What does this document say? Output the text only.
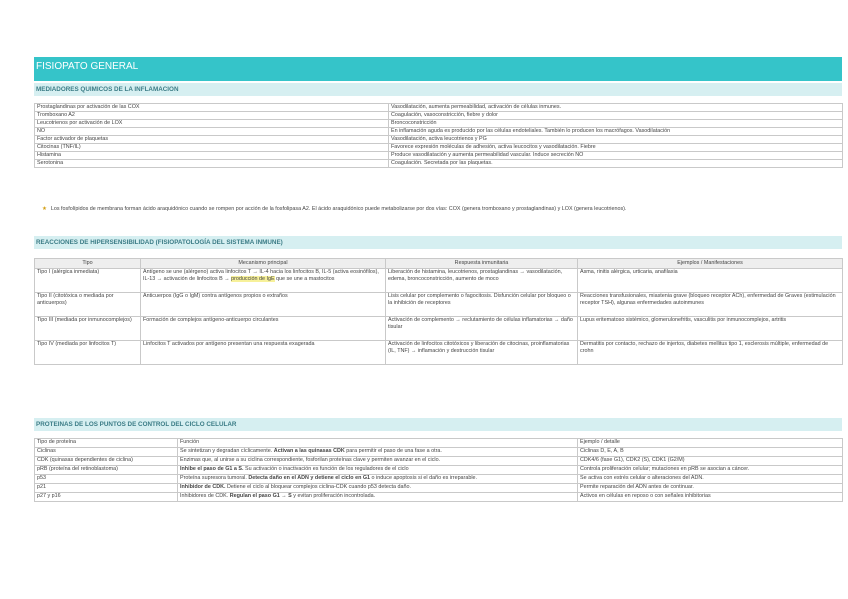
FISIOPATO GENERAL
MEDIADORES QUIMICOS DE LA INFLAMACION
Prostaglandinas por activación de las COX	Vasodilatación, aumenta permeabilidad, activación de células inmunes.
Tromboxano A2	Coagulación, vasoconstricción, fiebre y dolor
Leucotrienos por activación de LOX	Broncoconstricción
NO	En inflamación aguda es producido por las células endoteliales. También lo producen los macrófagos. Vasodilatación
Factor activador de plaquetas	Vasodilatación, activa leucotrienos y PG
Citocinas (TNF/IL)	Favorece expresión moléculas de adhesión, activa leucocitos y vasodilatación. Fiebre
Histamina	Produce vasodilatación y aumenta permeabilidad vascular. Induce secreción NO
Serotonina	Coagulación. Secretada por las plaquetas.
★ Los fosfolípidos de membrana forman ácido araquidónico cuando se rompen por acción de la fosfolipasa A2. El ácido araquidónico puede metabolizarse por dos vías: COX (genera tromboxano y prostaglandinas) y LOX (genera leucotrienos).
REACCIONES DE HIPERSENSIBILIDAD (FISIOPATOLOGÍA DEL SISTEMA INMUNE)
Tipo	Mecanismo principal	Respuesta inmunitaria	Ejemplos / Manifestaciones
Tipo I (alérgica inmediata)	Antígeno se une (alérgeno) activa linfocitos T → IL-4 hacia los linfocitos B, IL-5 (activa eosinófilos), IL-13 → activación de linfocitos B → producción de IgE que se une a mastocitos	Liberación de histamina, leucotrienos, prostaglandinas → vasodilatación, edema, broncoconstricción, aumento de moco	Asma, rinitis alérgica, urticaria, anafilaxia
Tipo II (citotóxica o mediada por anticuerpos)	Anticuerpos (IgG o IgM) contra antígenos propios o extraños	Lisis celular por complemento o fagocitosis. Disfunción celular por bloqueo o la inhibición de receptores	Reacciones transfusionales, miastenia grave (bloqueo receptor ACh), enfermedad de Graves (estimulación receptor TSH), algunas enfermedades autoinmunes
Tipo III (mediada por inmunocomplejos)	Formación de complejos antígeno-anticuerpo circulantes	Activación de complemento → reclutamiento de células inflamatorias → daño tisular	Lupus eritematoso sistémico, glomerulonefritis, vasculitis por inmunocomplejos, artritis
Tipo IV (mediada por linfocitos T)	Linfocitos T activados por antígeno presentan una respuesta exagerada	Activación de linfocitos citotóxicos y liberación de citocinas, proinflamatorias (IL, TNF) → inflamación y destrucción tisular	Dermatitis por contacto, rechazo de injertos, diabetes mellitus tipo 1, esclerosis múltiple, enfermedad de crohn
PROTEINAS DE LOS PUNTOS DE CONTROL DEL CICLO CELULAR
Tipo de proteína	Función	Ejemplo / detalle
Ciclinas	Se sintetizan y degradan cíclicamente. Activan a las quinasas CDK para permitir el paso de una fase a otra.	Ciclinas D, E, A, B
CDK (quinasas dependientes de ciclina)	Enzimas que, al unirse a su ciclina correspondiente, fosforilan proteínas clave y permiten avanzar en el ciclo.	CDK4/6 (fase G1), CDK2 (S), CDK1 (G2/M)
pRB (proteína del retinoblastoma)	Inhibe el paso de G1 a S. Su activación o inactivación es función de los reguladores de el ciclo	Controla proliferación celular; mutaciones en pRB se asocian a cáncer.
p53	Proteína supresora tumoral. Detecta daño en el ADN y detiene el ciclo en G1 o induce apoptosis si el daño es irreparable.	Se activa con estrés celular o alteraciones del ADN.
p21	Inhibidor de CDK. Detiene el ciclo al bloquear complejos ciclina-CDK cuando p53 detecta daño.	Permite reparación del ADN antes de continuar.
p27 y p16	Inhibidores de CDK. Regulan el paso G1 → S y evitan proliferación incontrolada.	Activos en células en reposo o con señales inhibitorias
